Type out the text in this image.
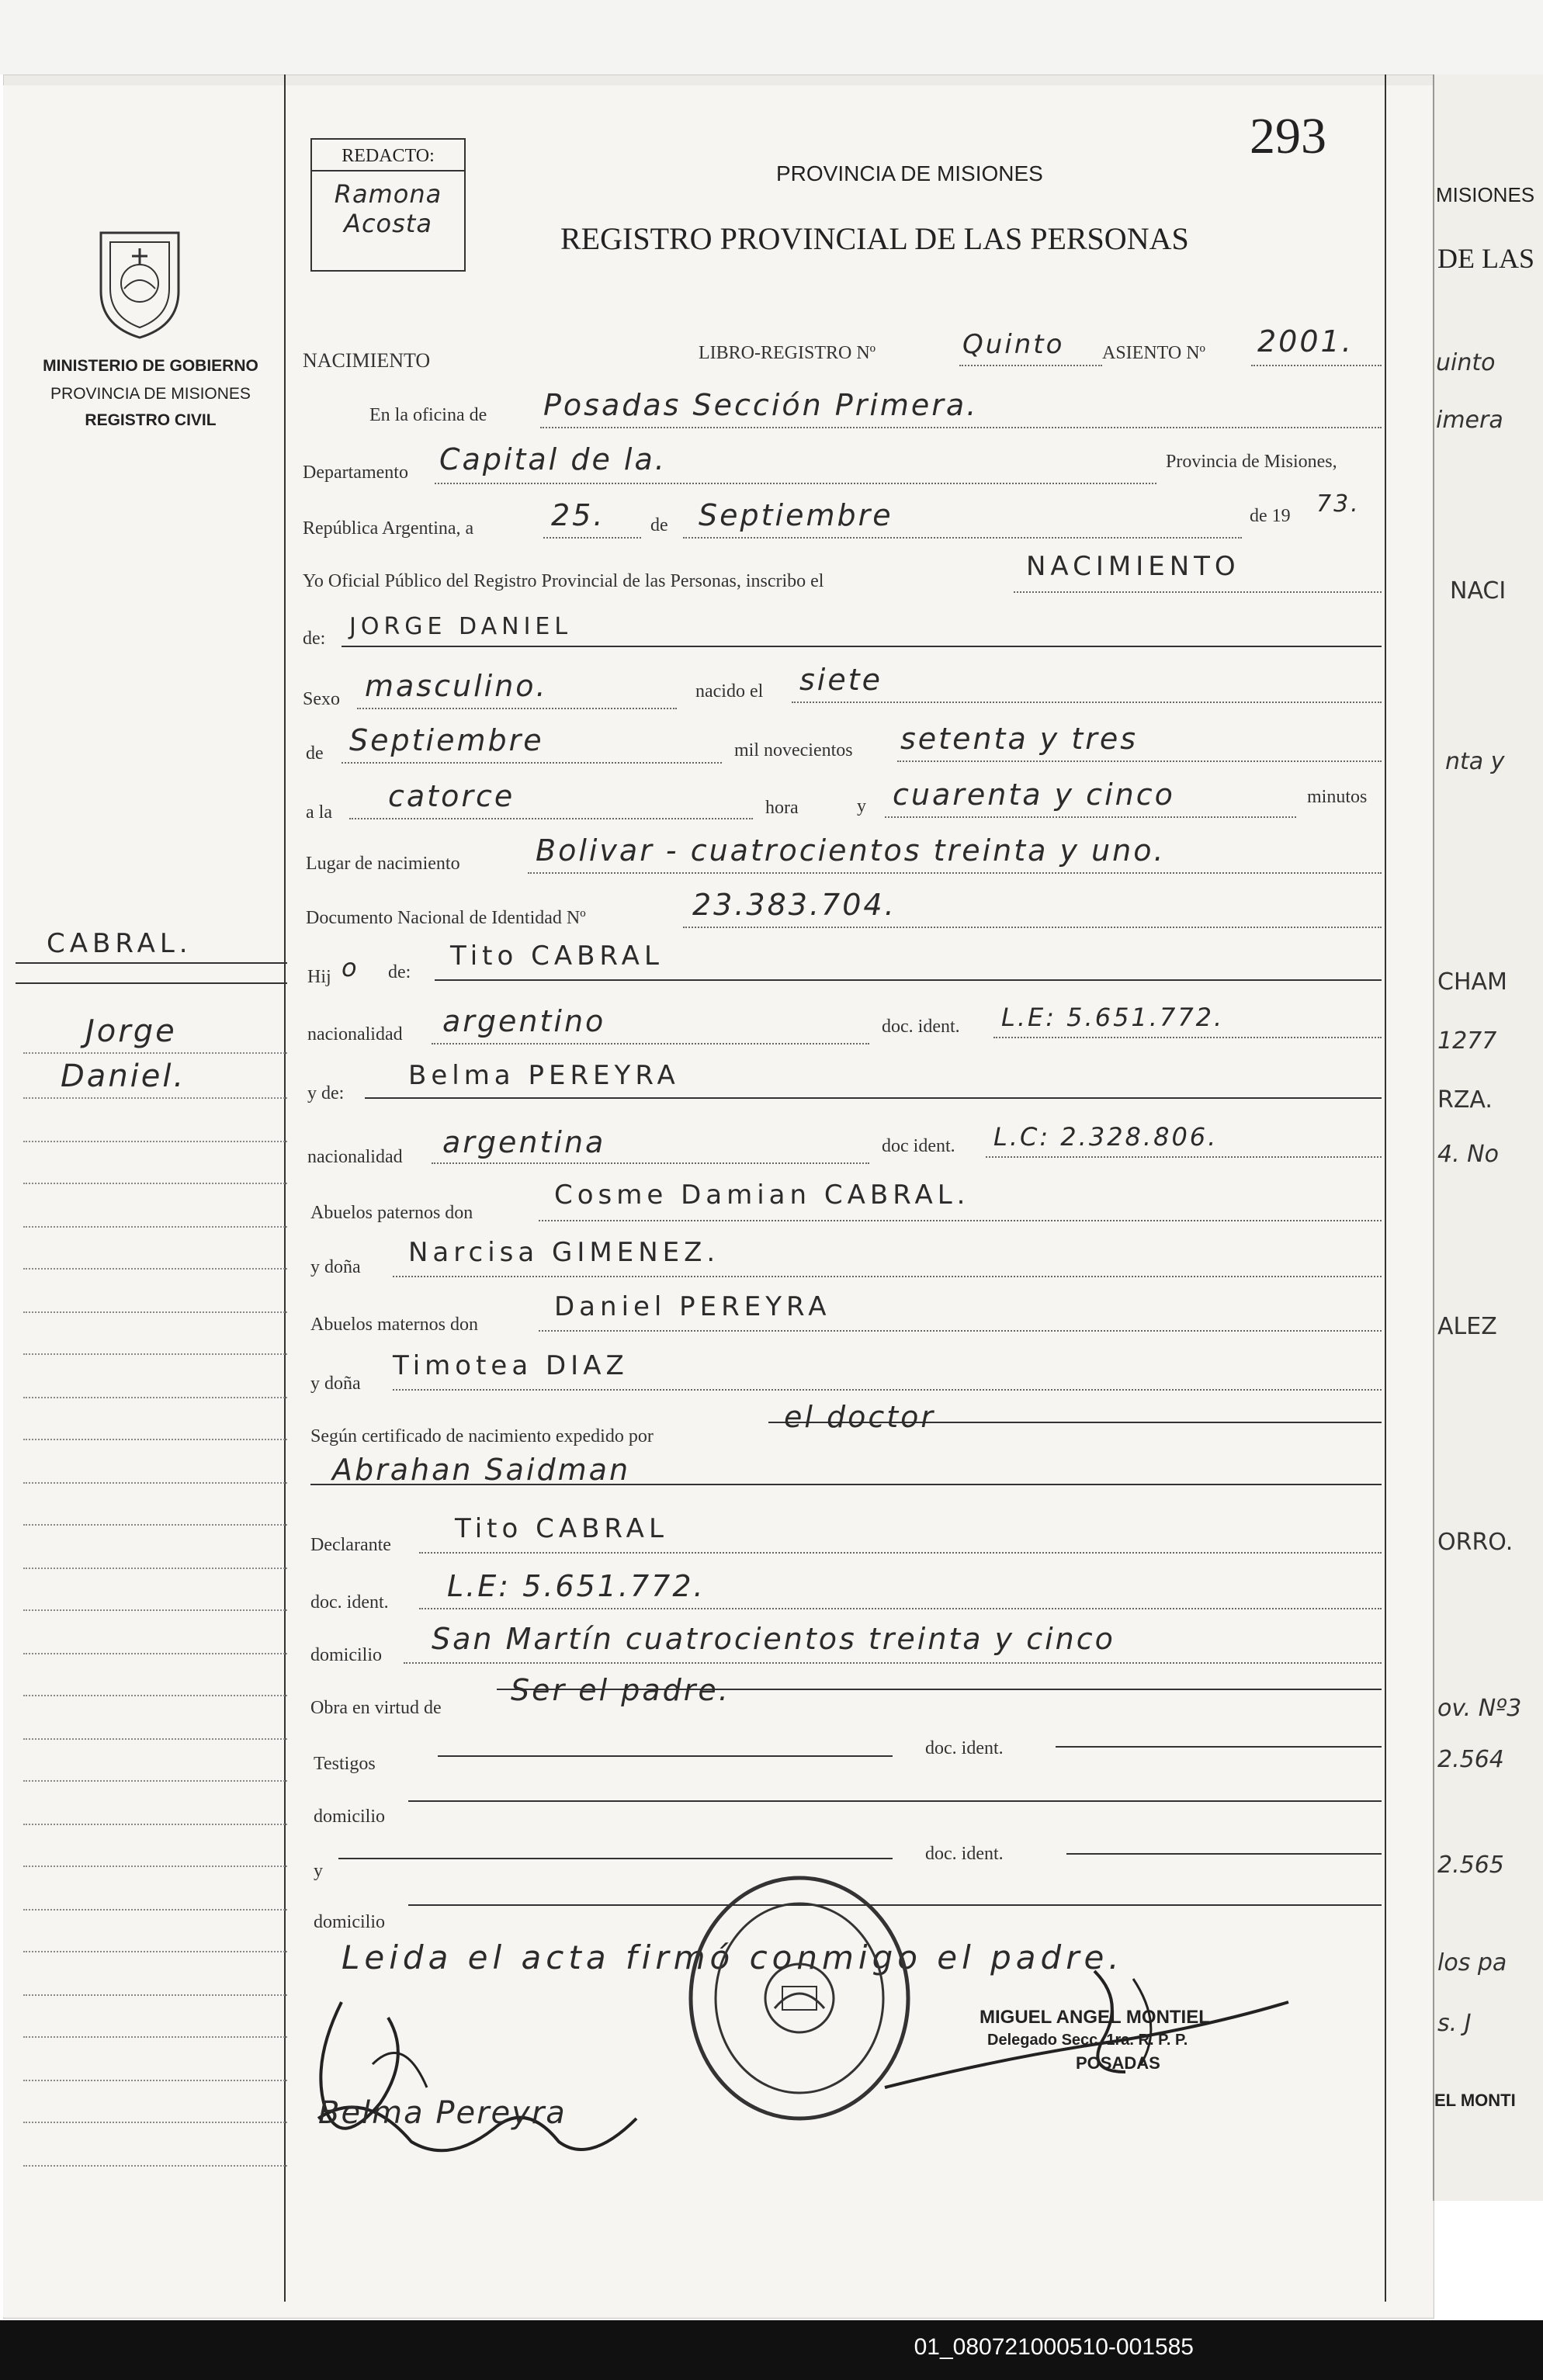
293
REDACTO:
Ramona
Acosta
MINISTERIO DE GOBIERNO
PROVINCIA DE MISIONES
REGISTRO CIVIL
PROVINCIA DE MISIONES
REGISTRO PROVINCIAL DE LAS PERSONAS
NACIMIENTO	LIBRO-REGISTRO Nº	Quinto ASIENTO Nº 2001.
En la oficina de Posadas Sección Primera.
Departamento Capital de la.	Provincia de Misiones,
República Argentina, a	25. de Septiembre	de 19 73.
Yo Oficial Público del Registro Provincial de las Personas, inscribo el	NACIMIENTO
de: JORGE DANIEL
Sexo masculino.	nacido el siete
de Septiembre	mil novecientos setenta y tres
a la catorce	hora	y cuarenta y cinco	minutos
Lugar de nacimiento	Bolivar - cuatrocientos treinta y uno.
Documento Nacional de Identidad Nº	23.383.704.
Hij o de:
Tito CABRAL
nacionalidad argentino	doc. ident. L.E: 5.651.772.
y de:
Belma PEREYRA
nacionalidad argentina	doc ident. L.C: 2.328.806.
Abuelos paternos don
Cosme Damian CABRAL.
y doña Narcisa GIMENEZ.
Abuelos maternos don
Daniel PEREYRA
y doña
Timotea DIAZ
Según certificado de nacimiento expedido por
el doctor
Abrahan Saidman
Declarante
Tito CABRAL
doc. ident. L.E: 5.651.772.
domicilio San Martín cuatrocientos treinta y cinco
Obra en virtud de
Ser el padre.
Testigos
doc. ident.
domicilio
y
doc. ident.
domicilio
Leida el acta firmó conmigo el padre.
MIGUEL ANGEL MONTIEL
Delegado Secc. 1ra. R. P. P.
POSADAS
Belma Pereyra
CABRAL.
Jorge
Daniel.
MISIONES
DE LAS
uinto
imera
NACI
nta y
CHAM
1277
RZA.
4. No
ALEZ
ORRO.
ov. Nº3
2.564
2.565
los pa
s. J
EL MONTI
01_080721000510-001585
